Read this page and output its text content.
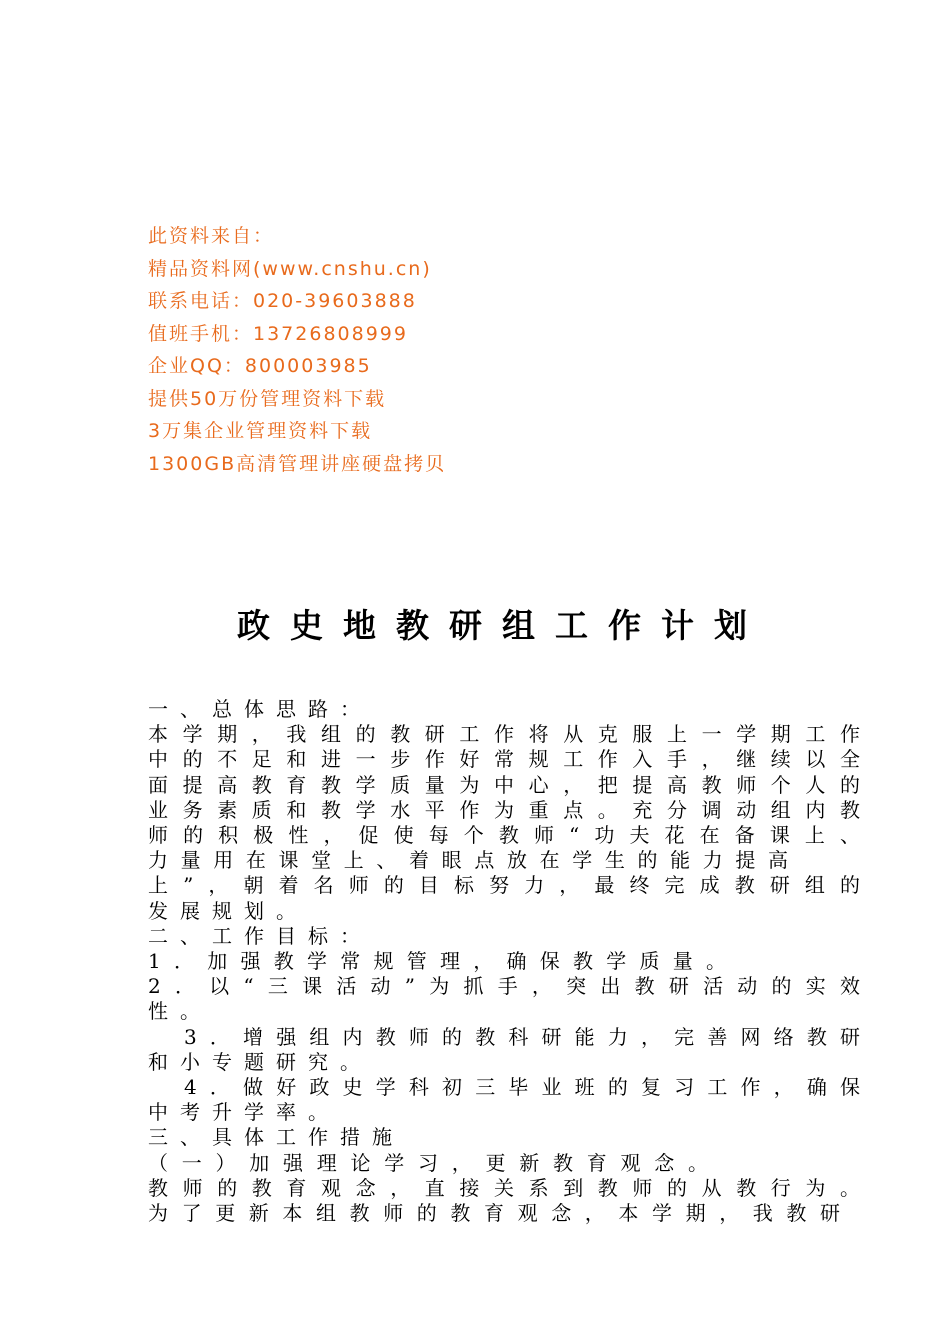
此资料来自：
精品资料网(www.cnshu.cn)
联系电话：020-39603888
值班手机：13726808999
企业QQ：800003985
提供50万份管理资料下载
3万集企业管理资料下载
1300GB高清管理讲座硬盘拷贝
政史地教研组工作计划
一、总体思路：
本学期，我组的教研工作将从克服上一学期工作
中的不足和进一步作好常规工作入手，继续以全
面提高教育教学质量为中心，把提高教师个人的
业务素质和教学水平作为重点。充分调动组内教
师的积极性，促使每个教师“功夫花在备课上、
力量用在课堂上、着眼点放在学生的能力提高
上”，朝着名师的目标努力，最终完成教研组的
发展规划。
二、工作目标：
1．加强教学常规管理，确保教学质量。
2．以“三课活动”为抓手，突出教研活动的实效
性。
3．增强组内教师的教科研能力，完善网络教研
和小专题研究。
4．做好政史学科初三毕业班的复习工作，确保
中考升学率。
三、具体工作措施
（一）加强理论学习，更新教育观念。
教师的教育观念，直接关系到教师的从教行为。
为了更新本组教师的教育观念，本学期，我教研
